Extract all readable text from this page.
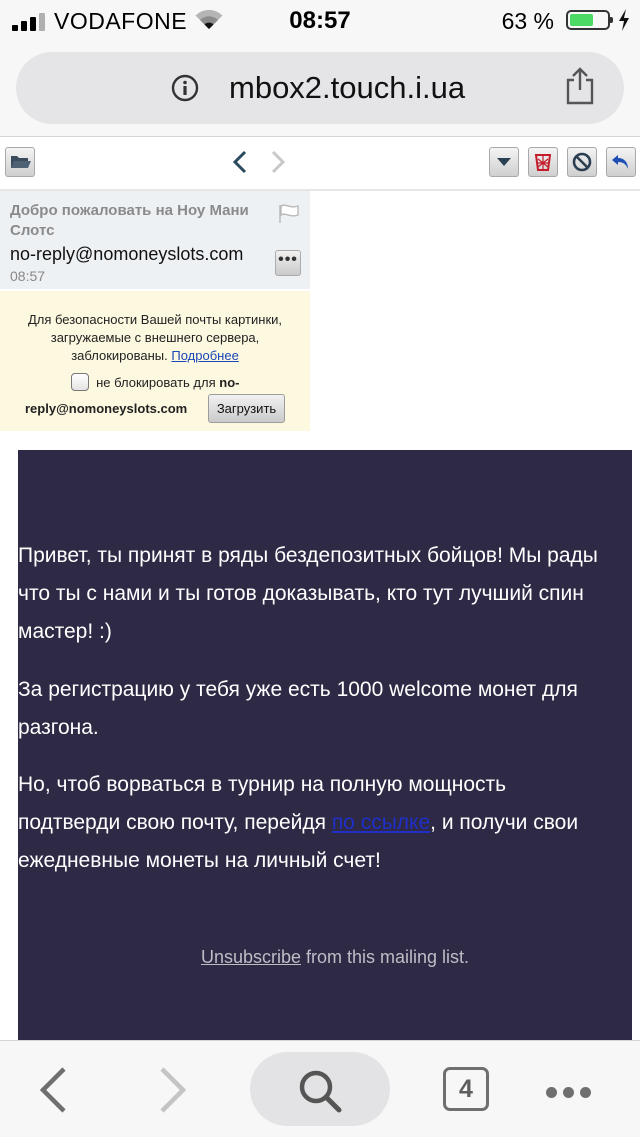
VODAFONE	08:57	63 %
mbox2.touch.i.ua
Добро пожаловать на Ноу Мани Слотс
no-reply@nomoneyslots.com
08:57
•••
Для безопасности Вашей почты картинки, загружаемые с внешнего сервера, заблокированы. Подробнее
не блокировать для no-
reply@nomoneyslots.com	Загрузить
Привет, ты принят в ряды бездепозитных бойцов! Мы рады
что ты с нами и ты готов доказывать, кто тут лучший спин
мастер! :)
За регистрацию у тебя уже есть 1000 welcome монет для
разгона.
Но, чтоб ворваться в турнир на полную мощность
подтверди свою почту, перейдя по ссылке, и получи свои
ежедневные монеты на личный счет!
Unsubscribe from this mailing list.
4
